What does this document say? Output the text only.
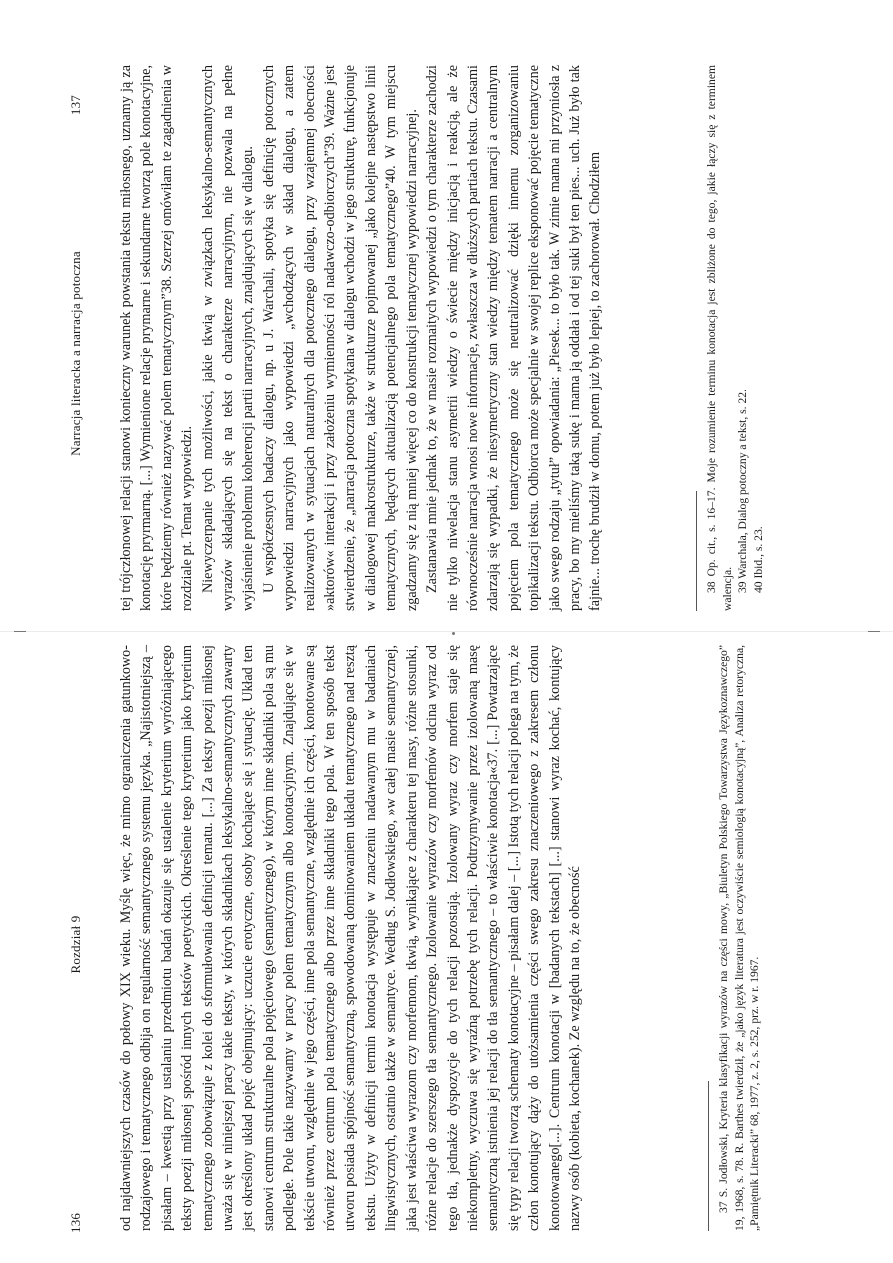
136
Rozdział 9 od najdawniejszych czasów do połowy XIX wieku. Myślę więc, że mimo ograniczenia gatunkowo-rodzajowego i tematycznego odbija on regularność semantycznego systemu języka. „Najistotniejszą – pisałam – kwestią przy ustalaniu przedmiotu badań okazuje się ustalenie kryterium wyróżniającego teksty poezji miłosnej spośród innych tekstów poetyckich. Określenie tego kryterium jako kryterium tematycznego zobowiązuje z kolei do sformułowania definicji tematu. [...] Za teksty poezji miłosnej uważa się w niniejszej pracy takie teksty, w których składnikach leksykalno-semantycznych zawarty jest określony układ pojęć obejmujący: uczucie erotyczne, osoby kochające się i sytuację. Układ ten stanowi centrum strukturalne pola pojęciowego (semantycznego), w którym inne składniki pola są mu podległe. Pole takie nazywamy w pracy polem tematycznym albo konotacyjnym. Znajdujące się w tekście utworu, względnie w jego części, inne pola semantyczne, względnie ich części, konotowane są również przez centrum pola tematycznego albo przez inne składniki tego pola. W ten sposób tekst utworu posiada spójność semantyczną, spowodowaną dominowaniem układu tematycznego nad resztą tekstu. Użyty w definicji termin konotacja występuje w znaczeniu nadawanym mu w badaniach lingwistycznych, ostatnio także w semantyce. Według S. Jodłowskiego, »w całej masie semantycznej, jaka jest właściwa wyrazom czy morfemom, tkwią, wynikające z charakteru tej masy, różne stosunki, różne relacje do szerszego tła semantycznego. Izolowanie wyrazów czy morfemów odcina wyraz od tego tła, jednakże dyspozycje do tych relacji pozostają. Izolowany wyraz czy morfem staje się niekompletny, wyczuwa się wyraźną potrzebę tych relacji. Podtrzymywanie przez izolowaną masę semantyczną istnienia jej relacji do tła semantycznego – to właściwie konotacja«37. [...] Powtarzające się typy relacji tworzą schematy konotacyjne – pisałam dalej – [...] Istotą tych relacji polega na tym, że człon konotujący dąży do utożsamienia części swego zakresu znaczeniowego z zakresem członu konotowanego[...]. Centrum konotacji w [badanych tekstach] [...] stanowi wyraz kochać, kontujący nazwy osób (kobieta, kochanek). Ze względu na to, że obecność	37 S. Jodłowski, Kryteria klasyfikacji wyrazów na części mowy, „Biuletyn Polskiego Towarzystwa Językoznawczego” 19, 1968, s. 78. R. Barthes twierdził, że „jako język literatura jest oczywiście semiologią konotacyjną”, Analiza retoryczna, „Pamiętnik Literacki” 68, 1977, z. 2, s. 252, prz. w r. 1967.

Narracja literacka a narracja potoczna
137 tej trójczłonowej relacji stanowi konieczny warunek powstania tekstu miłosnego, uznamy ją za konotację pryrmarną. [...] Wymienione relacje prymarne i sekundarne tworzą pole konotacyjne, które będziemy również nazywać polem tematycznym”38. Szerzej omówiłam te zagadnienia w rozdziale pt. Temat wypowiedzi. Niewyczerpanie tych możliwości, jakie tkwią w związkach leksykalno-semantycznych wyrazów składających się na tekst o charakterze narracyjnym, nie pozwala na pełne wyjaśnienie problemu koherencji partii narracyjnych, znajdujących się w dialogu. U współczesnych badaczy dialogu, np. u J. Warchali, spotyka się definicję potocznych wypowiedzi narracyjnych jako wypowiedzi „wchodzących w skład dialogu, a zatem realizowanych w sytuacjach naturalnych dla potocznego dialogu, przy wzajemnej obecności »aktorów« interakcji i przy założeniu wymienności ról nadawczo-odbiorczych”39. Ważne jest stwierdzenie, że „narracja potoczna spotykana w dialogu wchodzi w jego strukturę, funkcjonuje w dialogowej makrostrukturze, także w strukturze pojmowanej „jako kolejne następstwo linii tematycznych, będących aktualizacją potencjalnego pola tematycznego”40. W tym miejscu zgadzamy się z nią mniej więcej co do konstrukcji tematycznej wypowiedzi narracyjnej. Zastanawia mnie jednak to, że w masie rozmaitych wypowiedzi o tym charakterze zachodzi nie tylko niwelacja stanu asymetrii wiedzy o świecie między inicjacją i reakcją, ale że równocześnie narracja wnosi nowe informacje, zwłaszcza w dłuższych partiach tekstu. Czasami zdarzają się wypadki, że niesymetryczny stan wiedzy między tematem narracji a centralnym pojęciem pola tematycznego może się neutralizować dzięki innemu zorganizowaniu topikalizacji tekstu. Odbiorca może specjalnie w swojej replice eksponować pojęcie tematyczne jako swego rodzaju „tytuł” opowiadania: „Piesek... to było tak. W zimie mama mi przyniosła z pracy, bo my mieliśmy taką sukę i mama ją oddała i od tej suki był ten pies... uch. Już było tak fajnie... trochę brudził w domu, potem już było lepiej, to zachorował. Chodziłem	38 Op. cit., s. 16–17. Moje rozumienie terminu konotacja jest zbliżone do tego, jakie łączy się z terminem walencja. 39 Warchala, Dialog potoczny a tekst, s. 22. 40 Ibid., s. 23.
